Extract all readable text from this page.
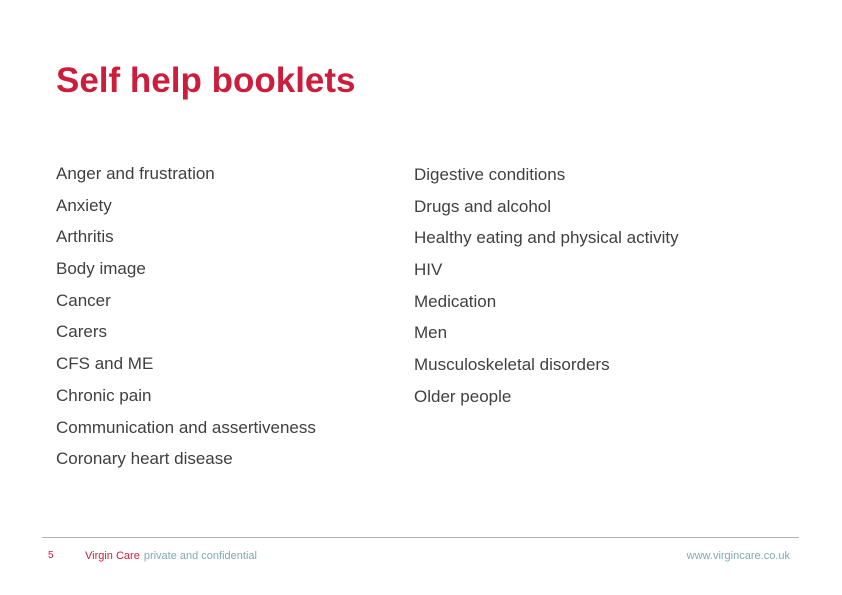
Self help booklets
Anger and frustration
Anxiety
Arthritis
Body image
Cancer
Carers
CFS and ME
Chronic pain
Communication and assertiveness
Coronary heart disease
Digestive conditions
Drugs and alcohol
Healthy eating and physical activity
HIV
Medication
Men
Musculoskeletal disorders
Older people
5	Virgin Care private and confidential	www.virgincare.co.uk
